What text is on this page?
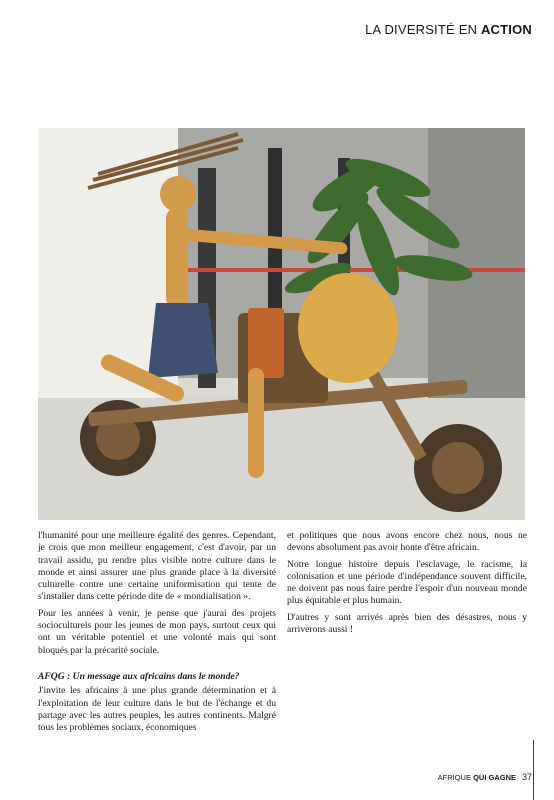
LA DIVERSITÉ EN ACTION

l'humanité pour une meilleure égalité des genres. Cependant, je crois que mon meilleur engagement, c'est d'avoir, par un travail assidu, pu rendre plus visible notre culture dans le monde et ainsi assurer une plus grande place à la diversité culturelle contre une certaine uniformisation qui tente de s'installer dans cette période dite de « mondialisation ».

Pour les années à venir, je pense que j'aurai des projets socioculturels pour les jeunes de mon pays, surtout ceux qui ont un véritable potentiel et une volonté mais qui sont bloqués par la précarité sociale.

AFQG : Un message aux africains dans le monde?

J'invite les africains à une plus grande détermination et à l'exploitation de leur culture dans le but de l'échange et du partage avec les autres peuples, les autres continents. Malgré tous les problèmes sociaux, économiques

et politiques que nous avons encore chez nous, nous ne devons absolument pas avoir honte d'être africain.

Notre longue histoire depuis l'esclavage, le racisme, la colonisation et une période d'indépendance souvent difficile, ne doivent pas nous faire perdre l'espoir d'un nouveau monde plus équitable et plus humain.

D'autres y sont arrivés après bien des désastres, nous y arriverons aussi !

AFRIQUE QUI GAGNE 37
